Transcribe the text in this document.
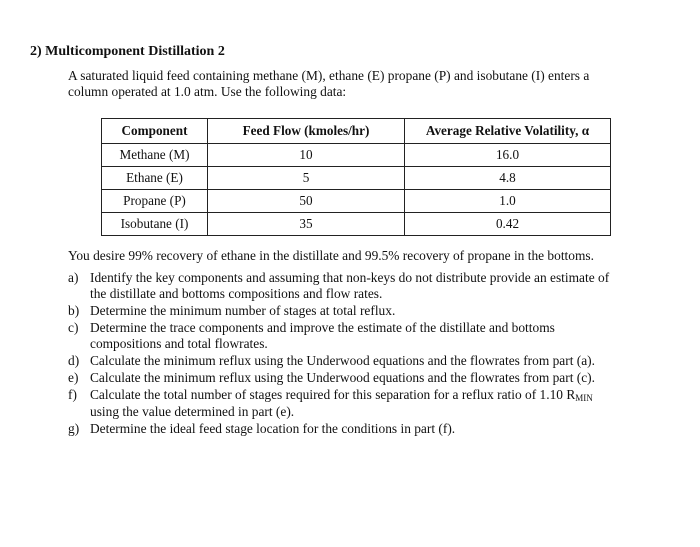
2) Multicomponent Distillation 2

A saturated liquid feed containing methane (M), ethane (E) propane (P) and isobutane (I) enters a

column operated at 1.0 atm. Use the following data:

Component	Feed Flow (kmoles/hr)	Average Relative Volatility, α
Methane (M)	10	16.0
Ethane (E)	5	4.8
Propane (P)	50	1.0
Isobutane (I)	35	0.42
You desire 99% recovery of ethane in the distillate and 99.5% recovery of propane in the bottoms.
a) Identify the key components and assuming that non-keys do not distribute provide an estimate of
the distillate and bottoms compositions and flow rates.
b) Determine the minimum number of stages at total reflux.
c) Determine the trace components and improve the estimate of the distillate and bottoms
compositions and total flowrates.
d) Calculate the minimum reflux using the Underwood equations and the flowrates from part (a).
e) Calculate the minimum reflux using the Underwood equations and the flowrates from part (c).
f) Calculate the total number of stages required for this separation for a reflux ratio of 1.10 $R_{MIN}$
using the value determined in part (e).
g) Determine the ideal feed stage location for the conditions in part (f).
